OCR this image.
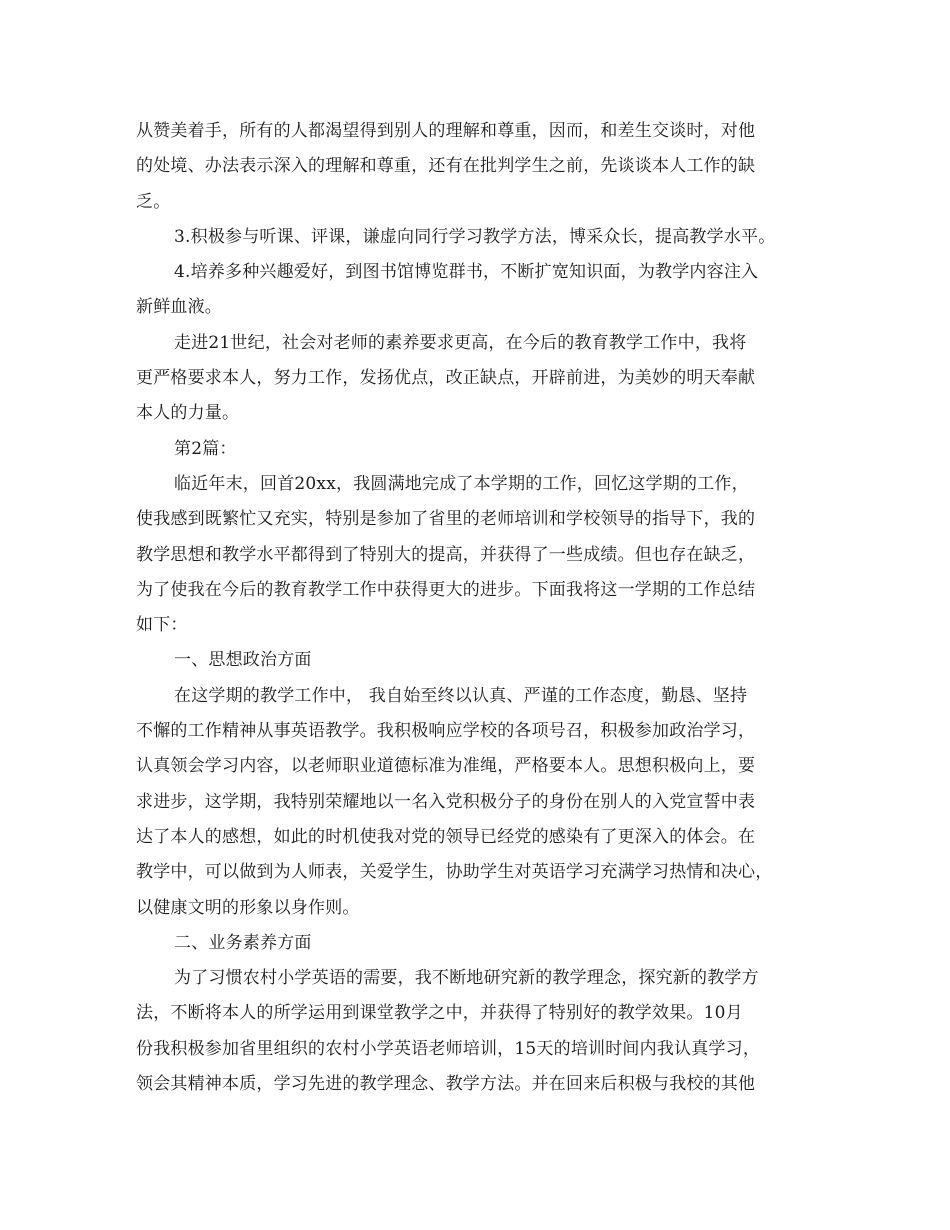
从赞美着手，所有的人都渴望得到别人的理解和尊重，因而，和差生交谈时，对他
的处境、办法表示深入的理解和尊重，还有在批判学生之前，先谈谈本人工作的缺
乏。
3.积极参与听课、评课，谦虚向同行学习教学方法，博采众长，提高教学水平。
4.培养多种兴趣爱好，到图书馆博览群书，不断扩宽知识面，为教学内容注入
新鲜血液。
走进21世纪，社会对老师的素养要求更高，在今后的教育教学工作中，我将
更严格要求本人，努力工作，发扬优点，改正缺点，开辟前进，为美妙的明天奉献
本人的力量。
第2篇：
临近年末，回首20xx，我圆满地完成了本学期的工作，回忆这学期的工作，
使我感到既繁忙又充实，特别是参加了省里的老师培训和学校领导的指导下，我的
教学思想和教学水平都得到了特别大的提高，并获得了一些成绩。但也存在缺乏，
为了使我在今后的教育教学工作中获得更大的进步。下面我将这一学期的工作总结
如下：
一、思想政治方面
在这学期的教学工作中， 我自始至终以认真、严谨的工作态度，勤恳、坚持
不懈的工作精神从事英语教学。我积极响应学校的各项号召，积极参加政治学习，
认真领会学习内容，以老师职业道德标准为准绳，严格要本人。思想积极向上，要
求进步，这学期，我特别荣耀地以一名入党积极分子的身份在别人的入党宣誓中表
达了本人的感想，如此的时机使我对党的领导已经党的感染有了更深入的体会。在
教学中，可以做到为人师表，关爱学生，协助学生对英语学习充满学习热情和决心，
以健康文明的形象以身作则。
二、业务素养方面
为了习惯农村小学英语的需要，我不断地研究新的教学理念，探究新的教学方
法，不断将本人的所学运用到课堂教学之中，并获得了特别好的教学效果。10月
份我积极参加省里组织的农村小学英语老师培训，15天的培训时间内我认真学习，
领会其精神本质，学习先进的教学理念、教学方法。并在回来后积极与我校的其他
